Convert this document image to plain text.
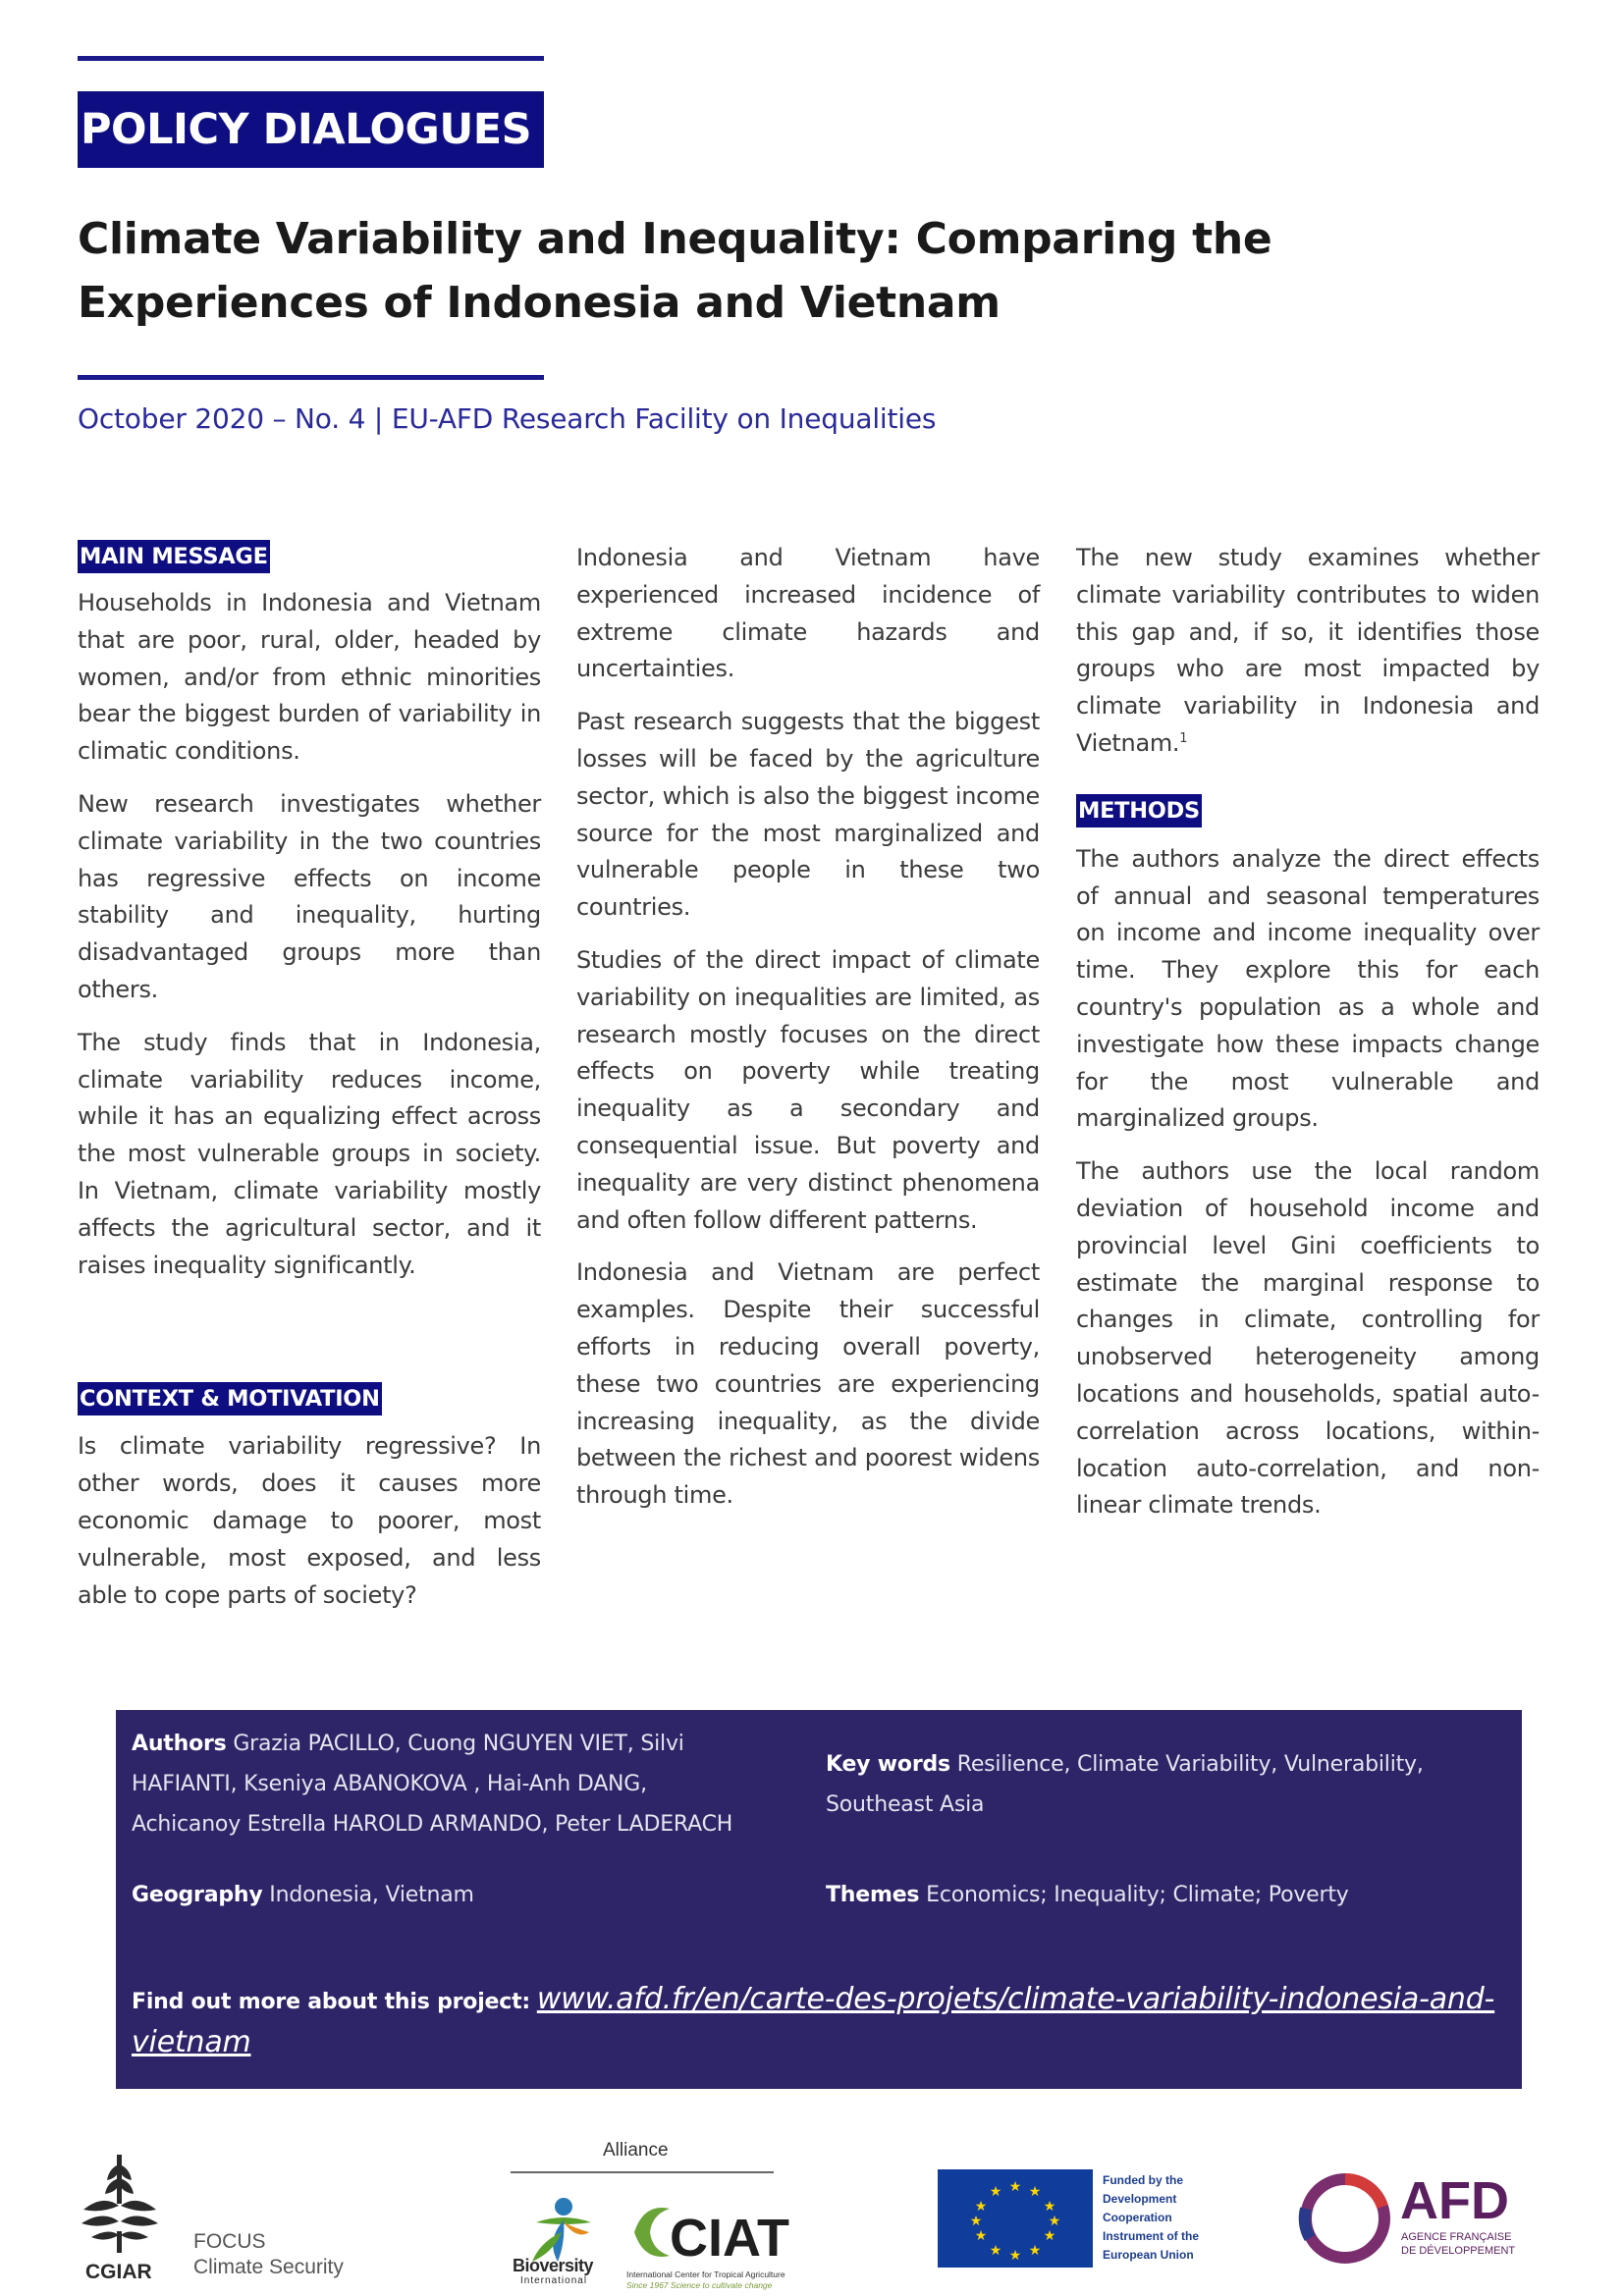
POLICY DIALOGUES
Climate Variability and Inequality: Comparing the
Experiences of Indonesia and Vietnam
October 2020 – No. 4 | EU-AFD Research Facility on Inequalities
MAIN MESSAGE

Households in Indonesia and Vietnam that are poor, rural, older, headed by women, and/or from ethnic minorities bear the biggest burden of variability in climatic conditions.

New research investigates whether climate variability in the two countries has regressive effects on income stability and inequality, hurting disadvantaged groups more than others.

The study finds that in Indonesia, climate variability reduces income, while it has an equalizing effect across the most vulnerable groups in society. In Vietnam, climate variability mostly affects the agricultural sector, and it raises inequality significantly.

CONTEXT & MOTIVATION

Is climate variability regressive? In other words, does it causes more economic damage to poorer, most vulnerable, most exposed, and less able to cope parts of society?

Indonesia and Vietnam have experienced increased incidence of extreme climate hazards and uncertainties.

Past research suggests that the biggest losses will be faced by the agriculture sector, which is also the biggest income source for the most marginalized and vulnerable people in these two countries.

Studies of the direct impact of climate variability on inequalities are limited, as research mostly focuses on the direct effects on poverty while treating inequality as a secondary and consequential issue. But poverty and inequality are very distinct phenomena and often follow different patterns.

Indonesia and Vietnam are perfect examples. Despite their successful efforts in reducing overall poverty, these two countries are experiencing increasing inequality, as the divide between the richest and poorest widens through time.

The new study examines whether climate variability contributes to widen this gap and, if so, it identifies those groups who are most impacted by climate variability in Indonesia and Vietnam.$^1$

METHODS

The authors analyze the direct effects of annual and seasonal temperatures on income and income inequality over time. They explore this for each country's population as a whole and investigate how these impacts change for the most vulnerable and marginalized groups.

The authors use the local random deviation of household income and provincial level Gini coefficients to estimate the marginal response to changes in climate, controlling for unobserved heterogeneity among locations and households, spatial auto-correlation across locations, within-location auto-correlation, and non-linear climate trends.

Authors Grazia PACILLO, Cuong NGUYEN VIET, Silvi HAFIANTI, Kseniya ABANOKOVA , Hai-Anh DANG, Achicanoy Estrella HAROLD ARMANDO, Peter LADERACH
Key words Resilience, Climate Variability, Vulnerability, Southeast Asia
Geography Indonesia, Vietnam	Themes Economics; Inequality; Climate; Poverty
Find out more about this project: www.afd.fr/en/carte-des-projets/climate-variability-indonesia-and-vietnam
CGIAR
FOCUS
Climate Security
Alliance
Bioversity
International
CIAT
International Center for Tropical Agriculture
Since 1967 Science to cultivate change
★ ★
★
★
★
★
★
★
★
★
★
★
Funded by the Development Cooperation Instrument of the European Union
AFD
AGENCE FRANÇAISE
DE DÉVELOPPEMENT
